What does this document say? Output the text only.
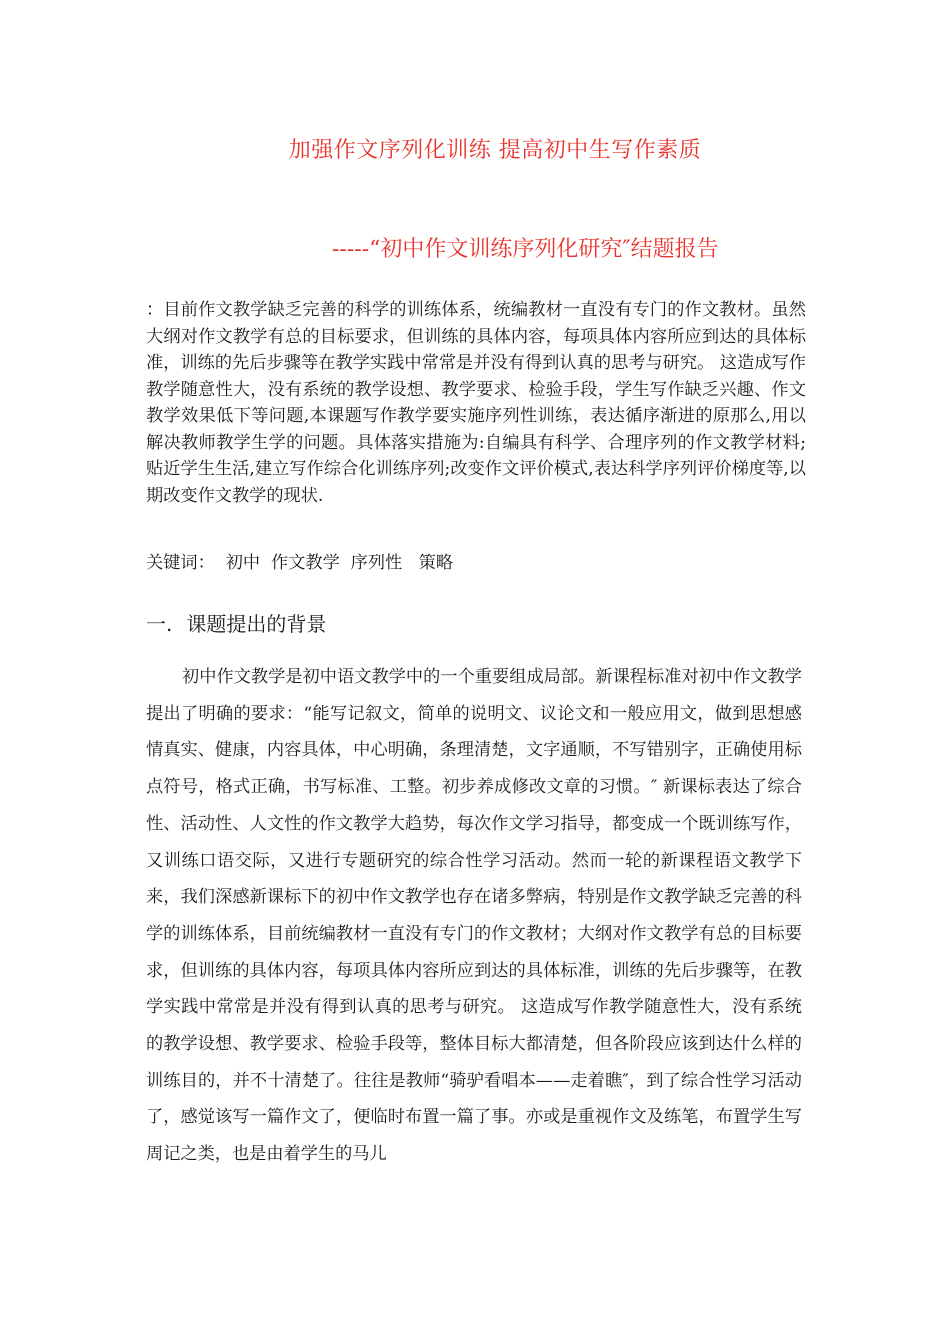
加强作文序列化训练 提高初中生写作素质
-----“初中作文训练序列化研究″结题报告
：目前作文教学缺乏完善的科学的训练体系，统编教材一直没有专门的作文教材。虽然大纲对作文教学有总的目标要求，但训练的具体内容，每项具体内容所应到达的具体标准，训练的先后步骤等在教学实践中常常是并没有得到认真的思考与研究。 这造成写作教学随意性大，没有系统的教学设想、教学要求、检验手段，学生写作缺乏兴趣、作文教学效果低下等问题,本课题写作教学要实施序列性训练，表达循序渐进的原那么,用以解决教师教学生学的问题。具体落实措施为:自编具有科学、合理序列的作文教学材料;贴近学生生活,建立写作综合化训练序列;改变作文评价模式,表达科学序列评价梯度等,以期改变作文教学的现状.
关键词： 初中  作文教学  序列性   策略
一. 课题提出的背景
初中作文教学是初中语文教学中的一个重要组成局部。新课程标准对初中作文教学提出了明确的要求：“能写记叙文，简单的说明文、议论文和一般应用文，做到思想感情真实、健康，内容具体，中心明确，条理清楚，文字通顺，不写错别字，正确使用标点符号，格式正确，书写标准、工整。初步养成修改文章的习惯。″ 新课标表达了综合性、活动性、人文性的作文教学大趋势，每次作文学习指导，都变成一个既训练写作，又训练口语交际，又进行专题研究的综合性学习活动。然而一轮的新课程语文教学下来，我们深感新课标下的初中作文教学也存在诸多弊病，特别是作文教学缺乏完善的科学的训练体系，目前统编教材一直没有专门的作文教材；大纲对作文教学有总的目标要求，但训练的具体内容，每项具体内容所应到达的具体标准，训练的先后步骤等，在教学实践中常常是并没有得到认真的思考与研究。 这造成写作教学随意性大，没有系统的教学设想、教学要求、检验手段等，整体目标大都清楚，但各阶段应该到达什么样的训练目的，并不十清楚了。往往是教师“骑驴看唱本——走着瞧″，到了综合性学习活动了，感觉该写一篇作文了，便临时布置一篇了事。亦或是重视作文及练笔，布置学生写周记之类，也是由着学生的马儿
